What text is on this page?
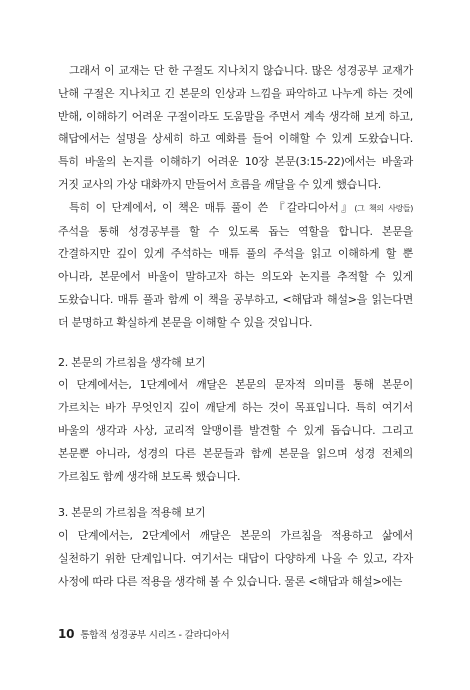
그래서 이 교재는 단 한 구절도 지나치지 않습니다. 많은 성경공부 교재가 난해 구절은 지나치고 긴 본문의 인상과 느낌을 파악하고 나누게 하는 것에 반해, 이해하기 어려운 구절이라도 도움말을 주면서 계속 생각해 보게 하고, 해답에서는 설명을 상세히 하고 예화를 들어 이해할 수 있게 도왔습니다. 특히 바울의 논지를 이해하기 어려운 10장 본문(3:15-22)에서는 바울과 거짓 교사의 가상 대화까지 만들어서 흐름을 깨달을 수 있게 했습니다.

특히 이 단계에서, 이 책은 매튜 풀이 쓴 『갈라디아서』(그 책의 사랑들) 주석을 통해 성경공부를 할 수 있도록 돕는 역할을 합니다. 본문을 간결하지만 깊이 있게 주석하는 매튜 풀의 주석을 읽고 이해하게 할 뿐 아니라, 본문에서 바울이 말하고자 하는 의도와 논지를 추적할 수 있게 도왔습니다. 매튜 풀과 함께 이 책을 공부하고, <해답과 해설>을 읽는다면 더 분명하고 확실하게 본문을 이해할 수 있을 것입니다.

2. 본문의 가르침을 생각해 보기

이 단계에서는, 1단계에서 깨달은 본문의 문자적 의미를 통해 본문이 가르치는 바가 무엇인지 깊이 깨닫게 하는 것이 목표입니다. 특히 여기서 바울의 생각과 사상, 교리적 알맹이를 발견할 수 있게 돕습니다. 그리고 본문뿐 아니라, 성경의 다른 본문들과 함께 본문을 읽으며 성경 전체의 가르침도 함께 생각해 보도록 했습니다.

3. 본문의 가르침을 적용해 보기

이 단계에서는, 2단계에서 깨달은 본문의 가르침을 적용하고 삶에서 실천하기 위한 단계입니다. 여기서는 대답이 다양하게 나올 수 있고, 각자 사정에 따라 다른 적용을 생각해 볼 수 있습니다. 물론 <해답과 해설>에는

10 통합적 성경공부 시리즈 - 갈라디아서
